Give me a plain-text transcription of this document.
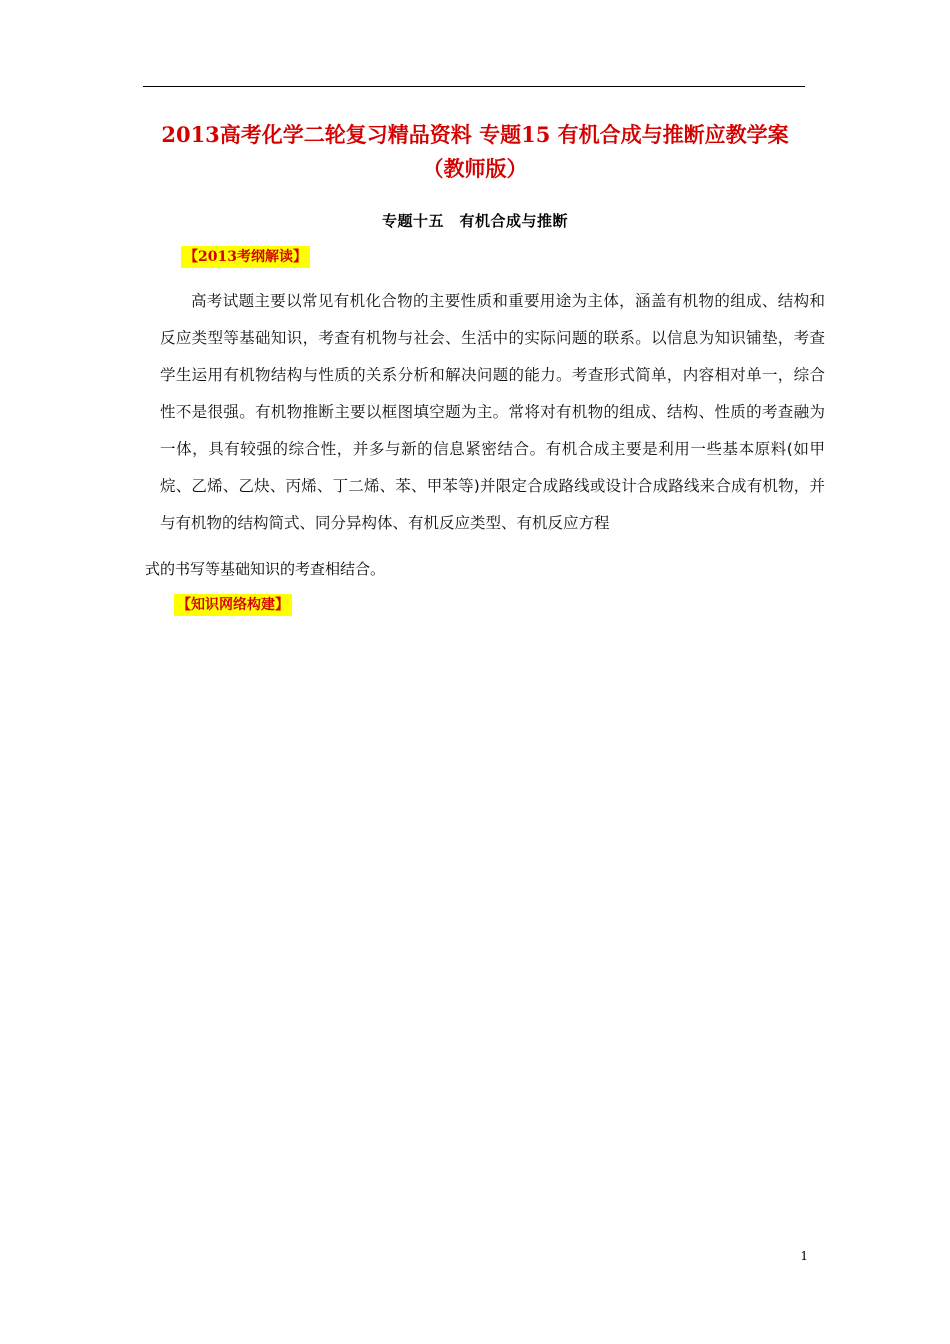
2013高考化学二轮复习精品资料 专题15 有机合成与推断应教学案
（教师版）
专题十五　有机合成与推断
【2013考纲解读】
高考试题主要以常见有机化合物的主要性质和重要用途为主体，涵盖有机物的组成、结构和反应类型等基础知识，考查有机物与社会、生活中的实际问题的联系。以信息为知识铺垫，考查学生运用有机物结构与性质的关系分析和解决问题的能力。考查形式简单，内容相对单一，综合性不是很强。有机物推断主要以框图填空题为主。常将对有机物的组成、结构、性质的考查融为一体，具有较强的综合性，并多与新的信息紧密结合。有机合成主要是利用一些基本原料(如甲烷、乙烯、乙炔、丙烯、丁二烯、苯、甲苯等)并限定合成路线或设计合成路线来合成有机物，并与有机物的结构简式、同分异构体、有机反应类型、有机反应方程
式的书写等基础知识的考查相结合。
【知识网络构建】
1
